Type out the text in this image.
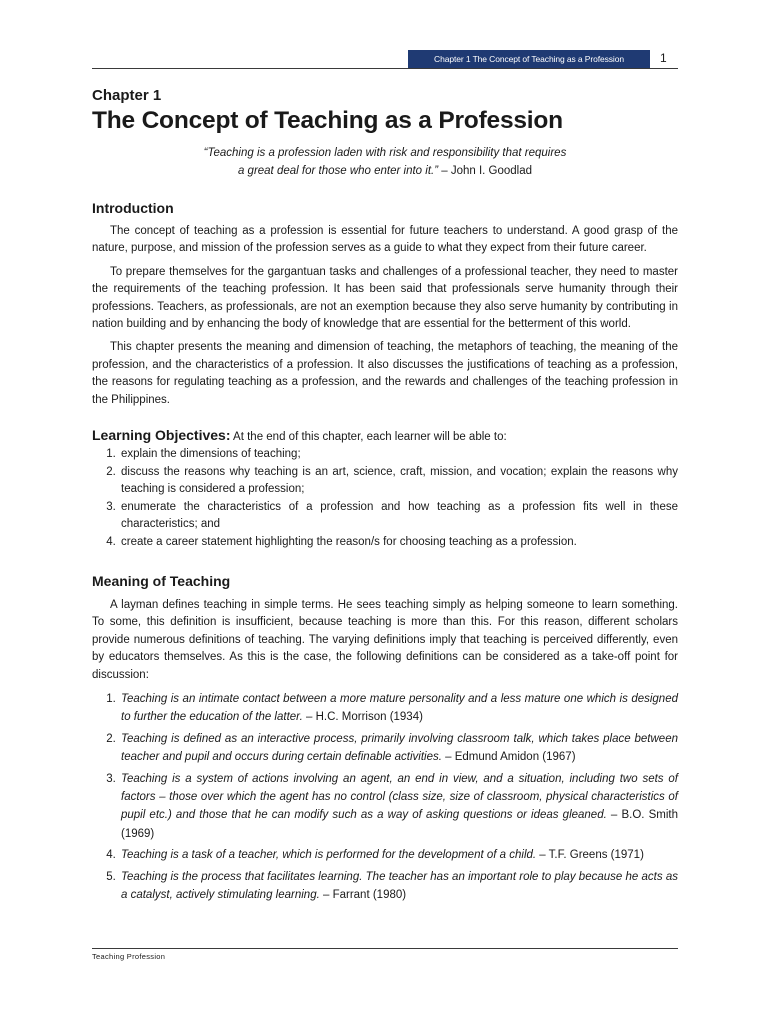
Chapter 1 The Concept of Teaching as a Profession	1

Chapter 1

The Concept of Teaching as a Profession
“Teaching is a profession laden with risk and responsibility that requires
a great deal for those who enter into it.” – John I. Goodlad
Introduction

The concept of teaching as a profession is essential for future teachers to understand. A good grasp of the nature, purpose, and mission of the profession serves as a guide to what they expect from their future career.

To prepare themselves for the gargantuan tasks and challenges of a professional teacher, they need to master the requirements of the teaching profession. It has been said that professionals serve humanity through their professions. Teachers, as professionals, are not an exemption because they also serve humanity by contributing in nation building and by enhancing the body of knowledge that are essential for the betterment of this world.

This chapter presents the meaning and dimension of teaching, the metaphors of teaching, the meaning of the profession, and the characteristics of a profession. It also discusses the justifications of teaching as a profession, the reasons for regulating teaching as a profession, and the rewards and challenges of the teaching profession in the Philippines.

Learning Objectives: At the end of this chapter, each learner will be able to:
1. explain the dimensions of teaching;
2. discuss the reasons why teaching is an art, science, craft, mission, and vocation; explain the reasons why teaching is considered a profession;
3. enumerate the characteristics of a profession and how teaching as a profession fits well in these characteristics; and
4. create a career statement highlighting the reason/s for choosing teaching as a profession.
Meaning of Teaching

A layman defines teaching in simple terms. He sees teaching simply as helping someone to learn something. To some, this definition is insufficient, because teaching is more than this. For this reason, different scholars provide numerous definitions of teaching. The varying definitions imply that teaching is perceived differently, even by educators themselves. As this is the case, the following definitions can be considered as a take-off point for discussion:

1. Teaching is an intimate contact between a more mature personality and a less mature one which is designed to further the education of the latter. – H.C. Morrison (1934)
2. Teaching is defined as an interactive process, primarily involving classroom talk, which takes place between teacher and pupil and occurs during certain definable activities. – Edmund Amidon (1967)
3. Teaching is a system of actions involving an agent, an end in view, and a situation, including two sets of factors – those over which the agent has no control (class size, size of classroom, physical characteristics of pupil etc.) and those that he can modify such as a way of asking questions or ideas gleaned. – B.O. Smith (1969)
4. Teaching is a task of a teacher, which is performed for the development of a child. – T.F. Greens (1971)
5. Teaching is the process that facilitates learning. The teacher has an important role to play because he acts as a catalyst, actively stimulating learning. – Farrant (1980)
Teaching Profession
